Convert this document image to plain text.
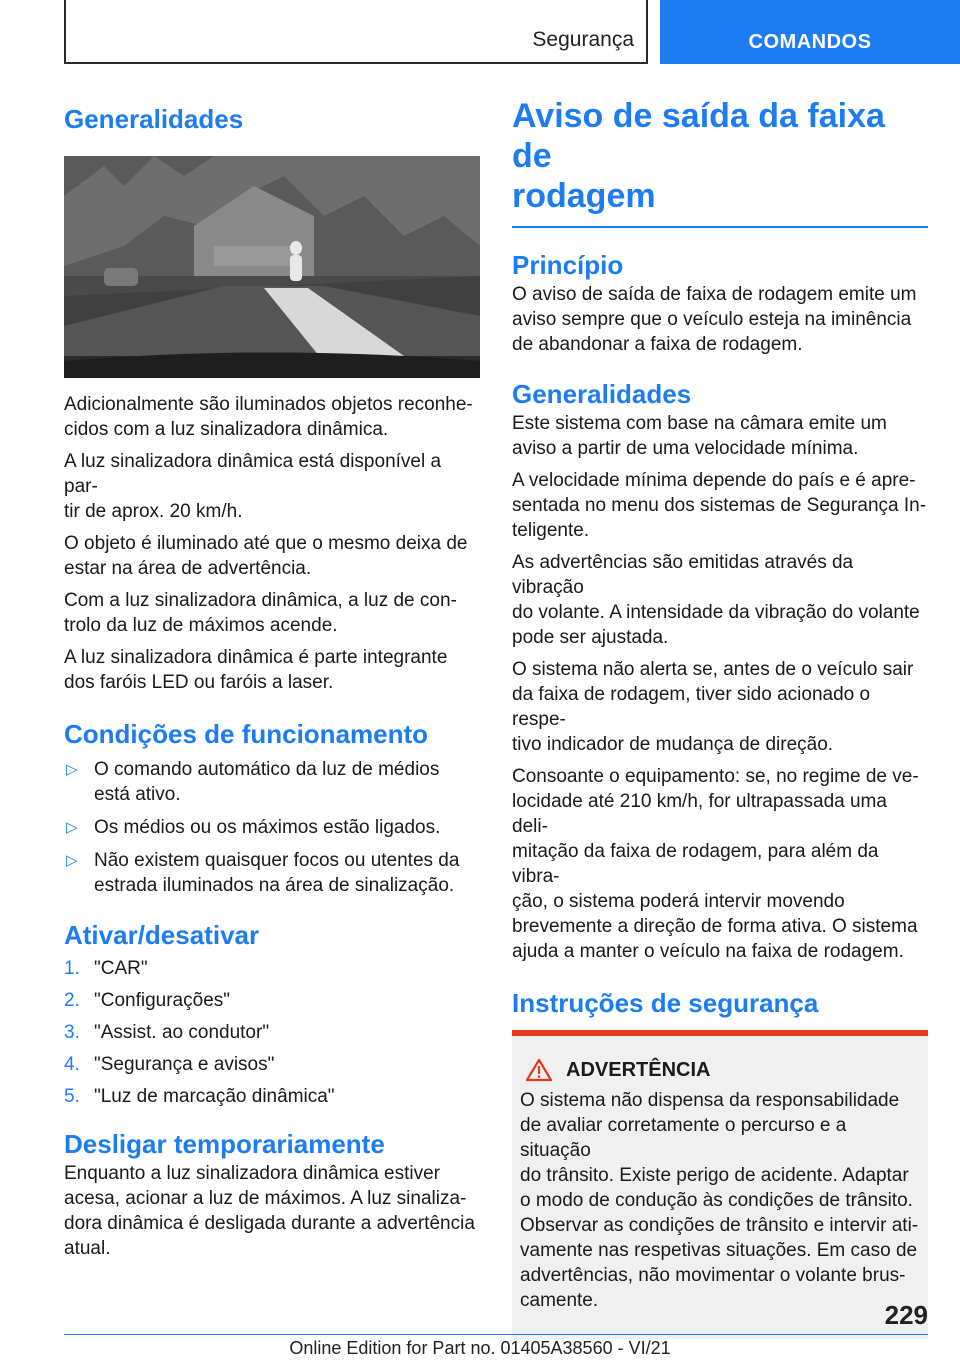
Segurança	COMANDOS
Generalidades

Adicionalmente são iluminados objetos reconhe-
cidos com a luz sinalizadora dinâmica.

A luz sinalizadora dinâmica está disponível a par-
tir de aprox. 20 km/h.

O objeto é iluminado até que o mesmo deixa de
estar na área de advertência.

Com a luz sinalizadora dinâmica, a luz de con-
trolo da luz de máximos acende.

A luz sinalizadora dinâmica é parte integrante
dos faróis LED ou faróis a laser.

Condições de funcionamento
▷ O comando automático da luz de médios
está ativo.
▷ Os médios ou os máximos estão ligados.
▷ Não existem quaisquer focos ou utentes da
estrada iluminados na área de sinalização.
Ativar/desativar
1. "CAR"
2. "Configurações"
3. "Assist. ao condutor"
4. "Segurança e avisos"
5. "Luz de marcação dinâmica"
Desligar temporariamente

Enquanto a luz sinalizadora dinâmica estiver
acesa, acionar a luz de máximos. A luz sinaliza-
dora dinâmica é desligada durante a advertência
atual.

Aviso de saída da faixa de
rodagem
Princípio

O aviso de saída de faixa de rodagem emite um
aviso sempre que o veículo esteja na iminência
de abandonar a faixa de rodagem.

Generalidades

Este sistema com base na câmara emite um
aviso a partir de uma velocidade mínima.

A velocidade mínima depende do país e é apre-
sentada no menu dos sistemas de Segurança In-
teligente.

As advertências são emitidas através da vibração
do volante. A intensidade da vibração do volante
pode ser ajustada.

O sistema não alerta se, antes de o veículo sair
da faixa de rodagem, tiver sido acionado o respe-
tivo indicador de mudança de direção.

Consoante o equipamento: se, no regime de ve-
locidade até 210 km/h, for ultrapassada uma deli-
mitação da faixa de rodagem, para além da vibra-
ção, o sistema poderá intervir movendo
brevemente a direção de forma ativa. O sistema
ajuda a manter o veículo na faixa de rodagem.

Instruções de segurança
ADVERTÊNCIA

O sistema não dispensa da responsabilidade
de avaliar corretamente o percurso e a situação
do trânsito. Existe perigo de acidente. Adaptar
o modo de condução às condições de trânsito.
Observar as condições de trânsito e intervir ati-
vamente nas respetivas situações. Em caso de
advertências, não movimentar o volante brus-
camente.	229
Online Edition for Part no. 01405A38560 - VI/21
